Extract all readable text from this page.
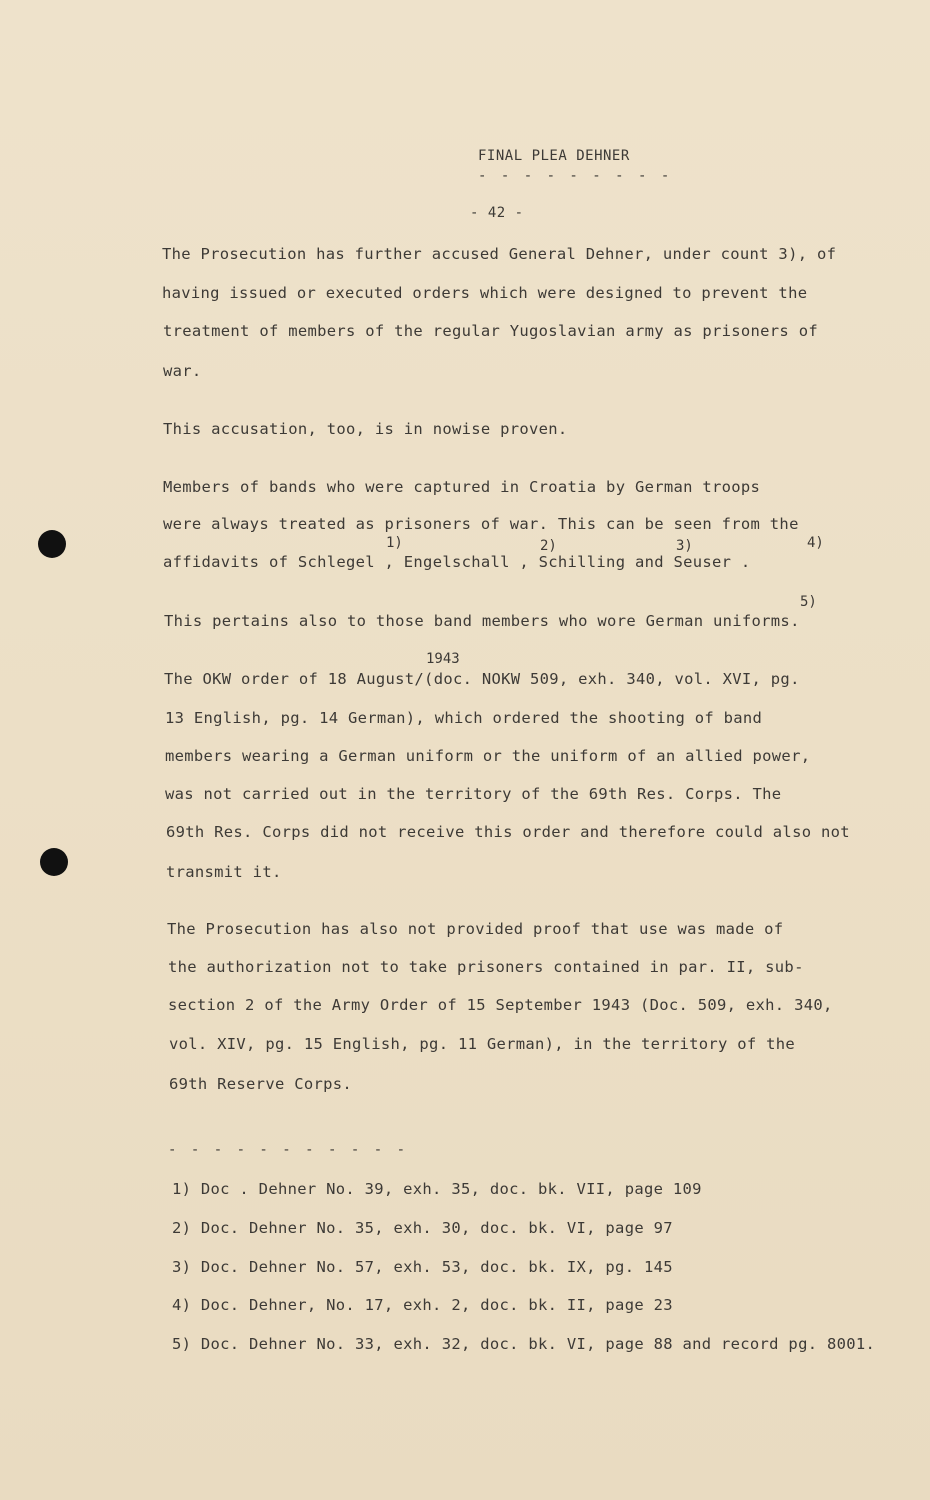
FINAL PLEA DEHNER
- - - - - - - - -
- 42 -
The Prosecution has further accused General Dehner, under count 3), of
having issued or executed orders which were designed to prevent the
treatment of members of the regular Yugoslavian army as prisoners of
war.
This accusation, too, is in nowise proven.
Members of bands who were captured in Croatia by German troops
were always treated as prisoners of war. This can be seen from the
1)	2)	3)	4)
affidavits of Schlegel , Engelschall , Schilling and Seuser .
5)
This pertains also to those band members who wore German uniforms.
1943
The OKW order of 18 August/(doc. NOKW 509, exh. 340, vol. XVI, pg.
13 English, pg. 14 German), which ordered the shooting of band
members wearing a German uniform or the uniform of an allied power,
was not carried out in the territory of the 69th Res. Corps. The
69th Res. Corps did not receive this order and therefore could also not
transmit it.
The Prosecution has also not provided proof that use was made of
the authorization not to take prisoners contained in par. II, sub-
section 2 of the Army Order of 15 September 1943 (Doc. 509, exh. 340,
vol. XIV, pg. 15 English, pg. 11 German), in the territory of the
69th Reserve Corps.
- - - - - - - - - - -
1) Doc . Dehner No. 39, exh. 35, doc. bk. VII, page 109
2) Doc. Dehner No. 35, exh. 30, doc. bk. VI, page 97
3) Doc. Dehner No. 57, exh. 53, doc. bk. IX, pg. 145
4) Doc. Dehner, No. 17, exh. 2, doc. bk. II, page 23
5) Doc. Dehner No. 33, exh. 32, doc. bk. VI, page 88 and record pg. 8001.
